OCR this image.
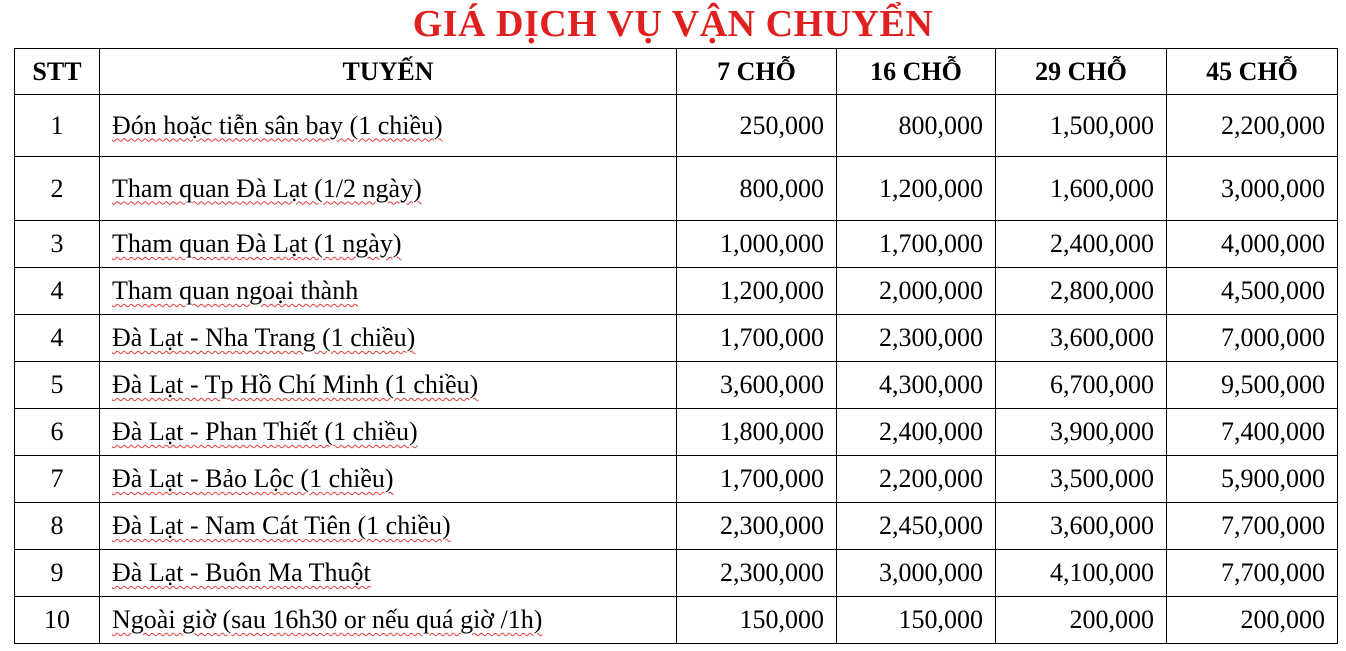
GIÁ DỊCH VỤ VẬN CHUYỂN
STT	TUYẾN	7 CHỖ	16 CHỖ	29 CHỖ	45 CHỖ
1	Đón hoặc tiễn sân bay (1 chiều)	250,000	800,000	1,500,000	2,200,000
2	Tham quan Đà Lạt (1/2 ngày)	800,000	1,200,000	1,600,000	3,000,000
3	Tham quan Đà Lạt (1 ngày)	1,000,000	1,700,000	2,400,000	4,000,000
4	Tham quan ngoại thành	1,200,000	2,000,000	2,800,000	4,500,000
4	Đà Lạt - Nha Trang (1 chiều)	1,700,000	2,300,000	3,600,000	7,000,000
5	Đà Lạt - Tp Hồ Chí Minh (1 chiều)	3,600,000	4,300,000	6,700,000	9,500,000
6	Đà Lạt - Phan Thiết (1 chiều)	1,800,000	2,400,000	3,900,000	7,400,000
7	Đà Lạt - Bảo Lộc (1 chiều)	1,700,000	2,200,000	3,500,000	5,900,000
8	Đà Lạt - Nam Cát Tiên (1 chiều)	2,300,000	2,450,000	3,600,000	7,700,000
9	Đà Lạt - Buôn Ma Thuột	2,300,000	3,000,000	4,100,000	7,700,000
10	Ngoài giờ (sau 16h30 or nếu quá giờ /1h)	150,000	150,000	200,000	200,000
